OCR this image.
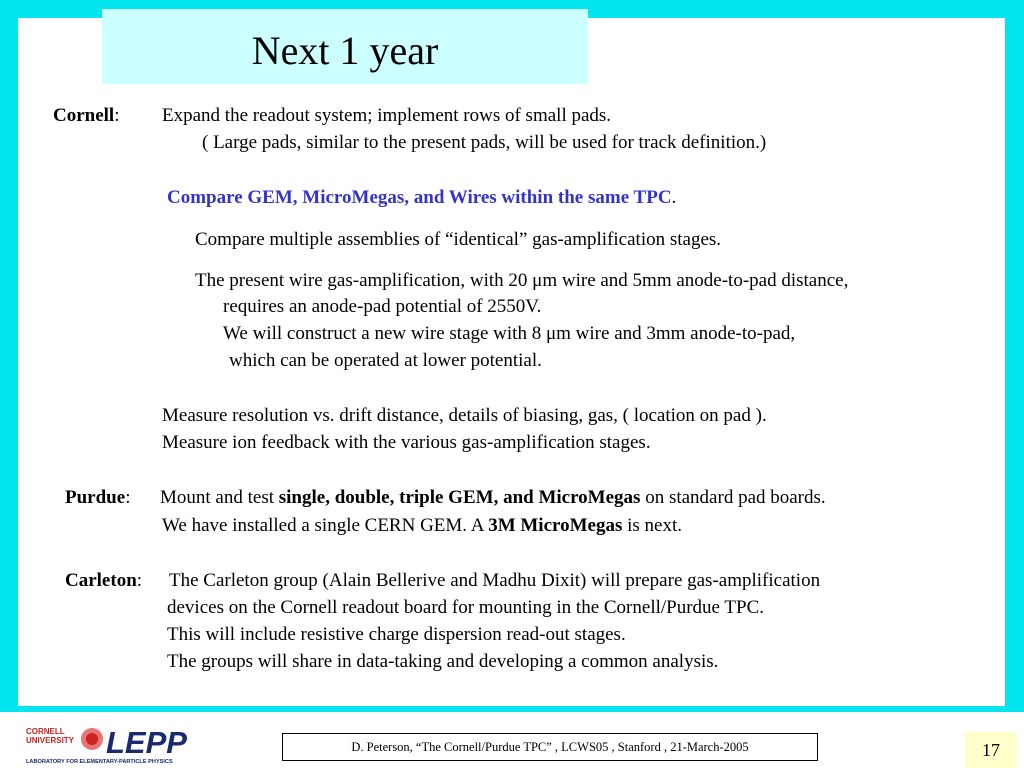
Next 1 year
Cornell: Expand the readout system; implement rows of small pads.
( Large pads, similar to the present pads, will be used for track definition.)
Compare GEM, MicroMegas, and Wires within the same TPC.
Compare multiple assemblies of “identical” gas-amplification stages.
The present wire gas-amplification, with 20 μm wire and 5mm anode-to-pad distance,
requires an anode-pad potential of 2550V.
We will construct a new wire stage with 8 μm wire and 3mm anode-to-pad,
which can be operated at lower potential.
Measure resolution vs. drift distance, details of biasing, gas, ( location on pad ).
Measure ion feedback with the various gas-amplification stages.
Purdue: Mount and test single, double, triple GEM, and MicroMegas on standard pad boards.
We have installed a single CERN GEM. A 3M MicroMegas is next.
Carleton: The Carleton group (Alain Bellerive and Madhu Dixit) will prepare gas-amplification
devices on the Cornell readout board for mounting in the Cornell/Purdue TPC.
This will include resistive charge dispersion read-out stages.
The groups will share in data-taking and developing a common analysis.
CORNELL
UNIVERSITY LEPP
LABORATORY FOR ELEMENTARY-PARTICLE PHYSICS
D. Peterson, “The Cornell/Purdue TPC” , LCWS05 , Stanford , 21-March-2005	17
